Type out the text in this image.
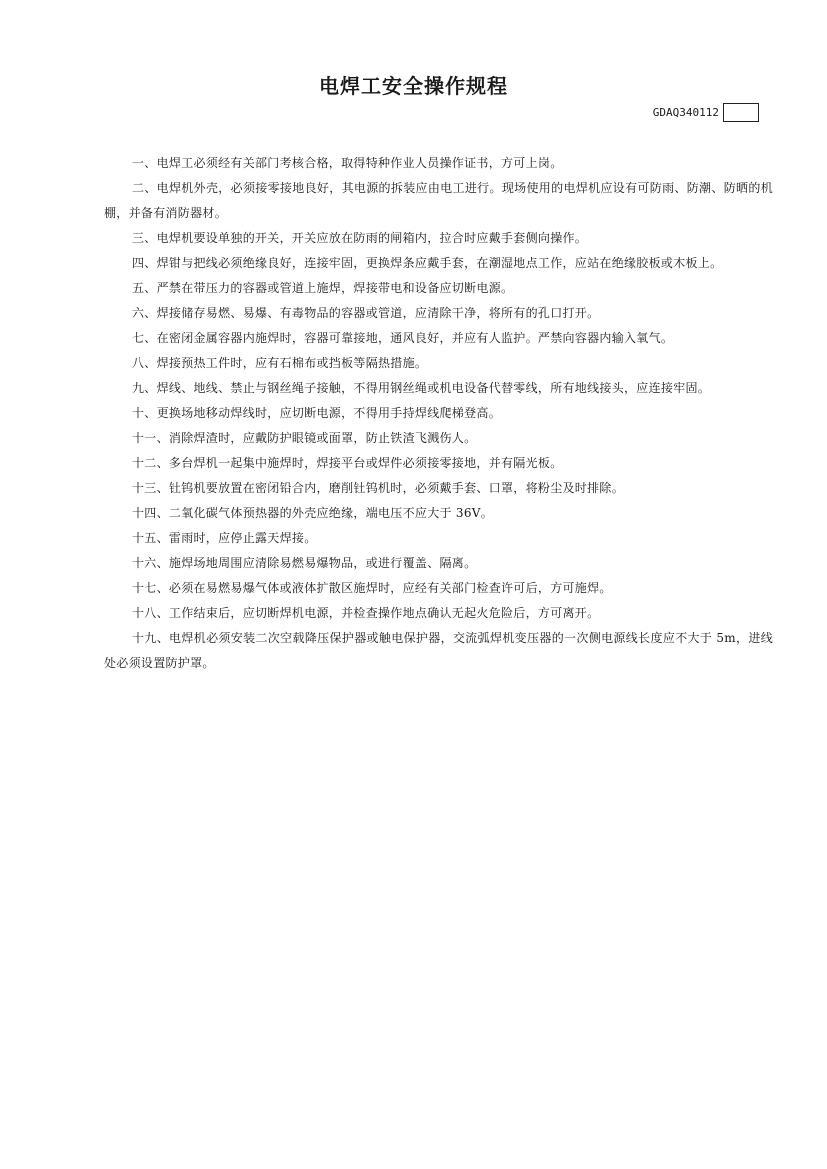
电焊工安全操作规程
GDAQ340112

一、电焊工必须经有关部门考核合格，取得特种作业人员操作证书，方可上岗。

二、电焊机外壳，必须接零接地良好，其电源的拆装应由电工进行。现场使用的电焊机应设有可防雨、防潮、防晒的机棚，并备有消防器材。

三、电焊机要设单独的开关，开关应放在防雨的闸箱内，拉合时应戴手套侧向操作。

四、焊钳与把线必须绝缘良好，连接牢固，更换焊条应戴手套，在潮湿地点工作，应站在绝缘胶板或木板上。

五、严禁在带压力的容器或管道上施焊，焊接带电和设备应切断电源。

六、焊接储存易燃、易爆、有毒物品的容器或管道，应清除干净，将所有的孔口打开。

七、在密闭金属容器内施焊时，容器可靠接地，通风良好，并应有人监护。严禁向容器内输入氧气。

八、焊接预热工件时，应有石棉布或挡板等隔热措施。

九、焊线、地线、禁止与钢丝绳子接触，不得用钢丝绳或机电设备代替零线，所有地线接头，应连接牢固。

十、更换场地移动焊线时，应切断电源，不得用手持焊线爬梯登高。

十一、消除焊渣时，应戴防护眼镜或面罩，防止铁渣飞溅伤人。

十二、多台焊机一起集中施焊时，焊接平台或焊件必须接零接地，并有隔光板。

十三、钍钨机要放置在密闭铅合内，磨削钍钨机时，必须戴手套、口罩，将粉尘及时排除。

十四、二氧化碳气体预热器的外壳应绝缘，端电压不应大于 36V。

十五、雷雨时，应停止露天焊接。

十六、施焊场地周围应清除易燃易爆物品，或进行覆盖、隔离。

十七、必须在易燃易爆气体或液体扩散区施焊时，应经有关部门检查许可后，方可施焊。

十八、工作结束后，应切断焊机电源，并检查操作地点确认无起火危险后，方可离开。

十九、电焊机必须安装二次空载降压保护器或触电保护器，交流弧焊机变压器的一次侧电源线长度应不大于 5m，进线处必须设置防护罩。
